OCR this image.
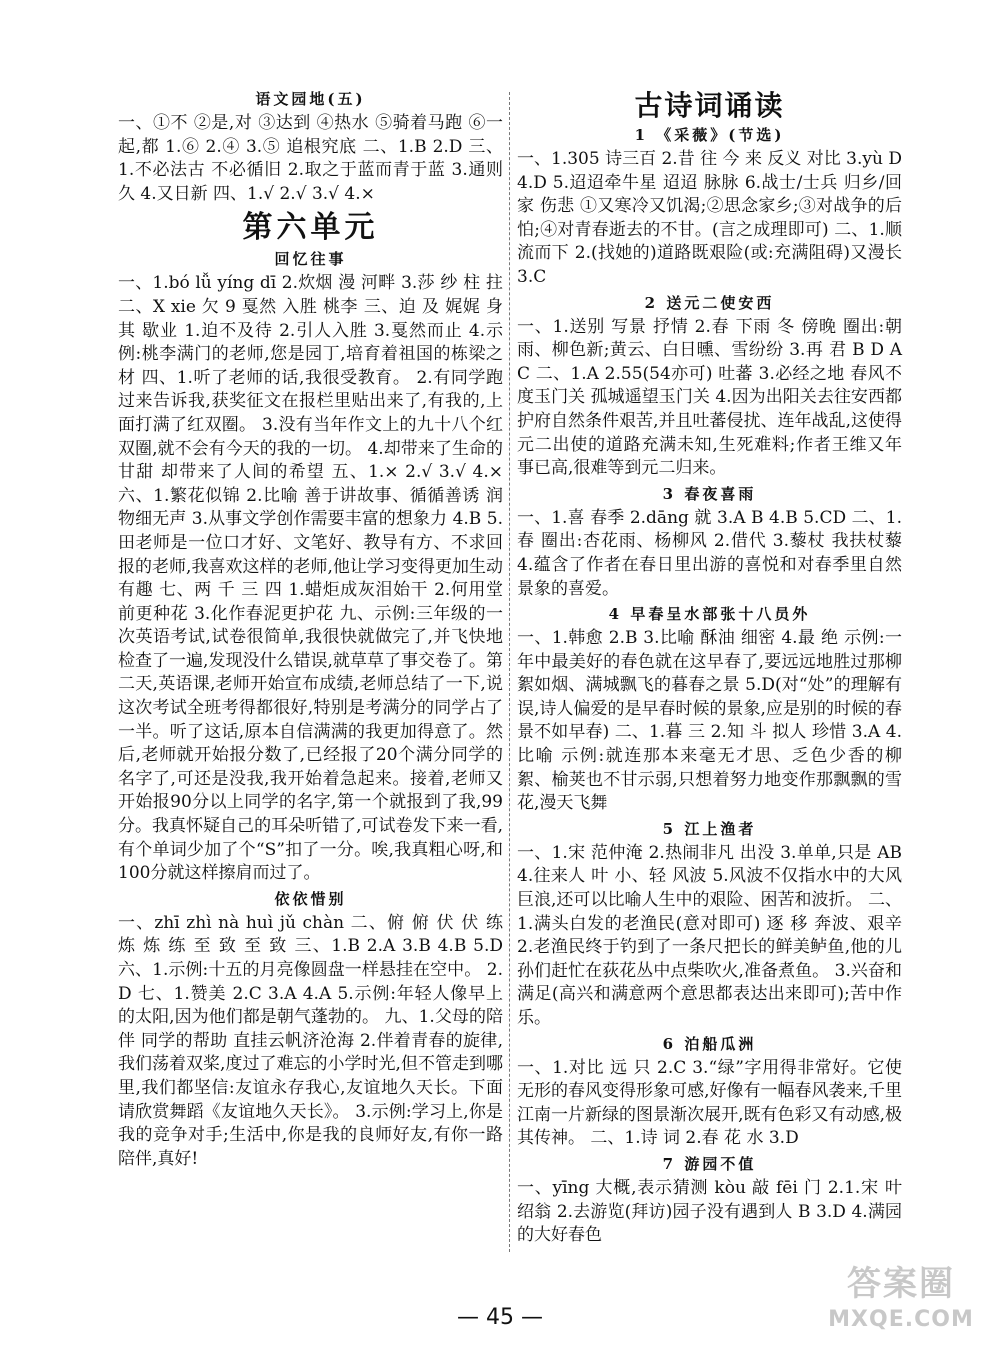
语文园地(五)

一、①不 ②是,对 ③达到 ④热水 ⑤骑着马跑 ⑥一起,都 1.⑥ 2.④ 3.⑤ 追根究底 二、1.B 2.D 三、1.不必法古 不必循旧 2.取之于蓝而青于蓝 3.通则久 4.又日新 四、1.√ 2.√ 3.√ 4.×

第六单元
回忆往事

一、1.bó lǚ yíng dī 2.炊烟 漫 河畔 3.莎 纱 柱 拄 二、X xie 欠 9 戛然 入胜 桃李 三、迫 及 娓娓 身 其 歇业 1.迫不及待 2.引人入胜 3.戛然而止 4.示例:桃李满门的老师,您是园丁,培育着祖国的栋梁之材 四、1.听了老师的话,我很受教育。 2.有同学跑过来告诉我,获奖征文在报栏里贴出来了,有我的,上面打满了红双圈。 3.没有当年作文上的九十八个红双圈,就不会有今天的我的一切。 4.却带来了生命的甘甜 却带来了人间的希望 五、1.× 2.√ 3.√ 4.× 六、1.繁花似锦 2.比喻 善于讲故事、循循善诱 润物细无声 3.从事文学创作需要丰富的想象力 4.B 5.田老师是一位口才好、文笔好、教导有方、不求回报的老师,我喜欢这样的老师,他让学习变得更加生动有趣 七、两 千 三 四 1.蜡炬成灰泪始干 2.何用堂前更种花 3.化作春泥更护花 九、示例:三年级的一次英语考试,试卷很简单,我很快就做完了,并飞快地检查了一遍,发现没什么错误,就草草了事交卷了。第二天,英语课,老师开始宣布成绩,老师总结了一下,说这次考试全班考得都很好,特别是考满分的同学占了一半。听了这话,原本自信满满的我更加得意了。然后,老师就开始报分数了,已经报了20个满分同学的名字了,可还是没我,我开始着急起来。接着,老师又开始报90分以上同学的名字,第一个就报到了我,99分。我真怀疑自己的耳朵听错了,可试卷发下来一看,有个单词少加了个“S”扣了一分。唉,我真粗心呀,和100分就这样擦肩而过了。

依依惜别

一、zhī zhì nà huì jǔ chàn 二、俯 俯 伏 伏 练 炼 炼 练 至 致 至 致 三、1.B 2.A 3.B 4.B 5.D 六、1.示例:十五的月亮像圆盘一样悬挂在空中。 2.D 七、1.赞美 2.C 3.A 4.A 5.示例:年轻人像早上的太阳,因为他们都是朝气蓬勃的。 九、1.父母的陪伴 同学的帮助 直挂云帆济沧海 2.伴着青春的旋律,我们荡着双桨,度过了难忘的小学时光,但不管走到哪里,我们都坚信:友谊永存我心,友谊地久天长。下面请欣赏舞蹈《友谊地久天长》。 3.示例:学习上,你是我的竞争对手;生活中,你是我的良师好友,有你一路陪伴,真好!

古诗词诵读
1 《采薇》(节选)

一、1.305 诗三百 2.昔 往 今 来 反义 对比 3.yù D 4.D 5.迢迢牵牛星 迢迢 脉脉 6.战士/士兵 归乡/回家 伤悲 ①又寒冷又饥渴;②思念家乡;③对战争的后怕;④对青春逝去的不甘。(言之成理即可) 二、1.顺流而下 2.(找她的)道路既艰险(或:充满阻碍)又漫长 3.C

2 送元二使安西

一、1.送别 写景 抒情 2.春 下雨 冬 傍晚 圈出:朝雨、柳色新;黄云、白日曛、雪纷纷 3.再 君 B D A C 二、1.A 2.55(54亦可) 吐蕃 3.必经之地 春风不度玉门关 孤城遥望玉门关 4.因为出阳关去往安西都护府自然条件艰苦,并且吐蕃侵扰、连年战乱,这使得元二出使的道路充满未知,生死难料;作者王维又年事已高,很难等到元二归来。

3 春夜喜雨

一、1.喜 春季 2.dāng 就 3.A B 4.B 5.CD 二、1.春 圈出:杏花雨、杨柳风 2.借代 3.藜杖 我扶杖藜 4.蕴含了作者在春日里出游的喜悦和对春季里自然景象的喜爱。

4 早春呈水部张十八员外

一、1.韩愈 2.B 3.比喻 酥油 细密 4.最 绝 示例:一年中最美好的春色就在这早春了,要远远地胜过那柳絮如烟、满城飘飞的暮春之景 5.D(对“处”的理解有误,诗人偏爱的是早春时候的景象,应是别的时候的春景不如早春) 二、1.暮 三 2.知 斗 拟人 珍惜 3.A 4.比喻 示例:就连那本来毫无才思、乏色少香的柳絮、榆荚也不甘示弱,只想着努力地变作那飘飘的雪花,漫天飞舞

5 江上渔者

一、1.宋 范仲淹 2.热闹非凡 出没 3.单单,只是 AB 4.往来人 叶 小、轻 风波 5.风波不仅指水中的大风巨浪,还可以比喻人生中的艰险、困苦和波折。 二、1.满头白发的老渔民(意对即可) 逐 移 奔波、艰辛 2.老渔民终于钓到了一条尺把长的鲜美鲈鱼,他的儿孙们赶忙在荻花丛中点柴吹火,准备煮鱼。 3.兴奋和满足(高兴和满意两个意思都表达出来即可);苦中作乐。

6 泊船瓜洲

一、1.对比 远 只 2.C 3.“绿”字用得非常好。它使无形的春风变得形象可感,好像有一幅春风袭来,千里江南一片新绿的图景渐次展开,既有色彩又有动感,极其传神。 二、1.诗 词 2.春 花 水 3.D

7 游园不值

一、yīng 大概,表示猜测 kòu 敲 fēi 门 2.1.宋 叶绍翁 2.去游览(拜访)园子没有遇到人 B 3.D 4.满园的大好春色

— 45 —
答案圈
MXQE.COM
